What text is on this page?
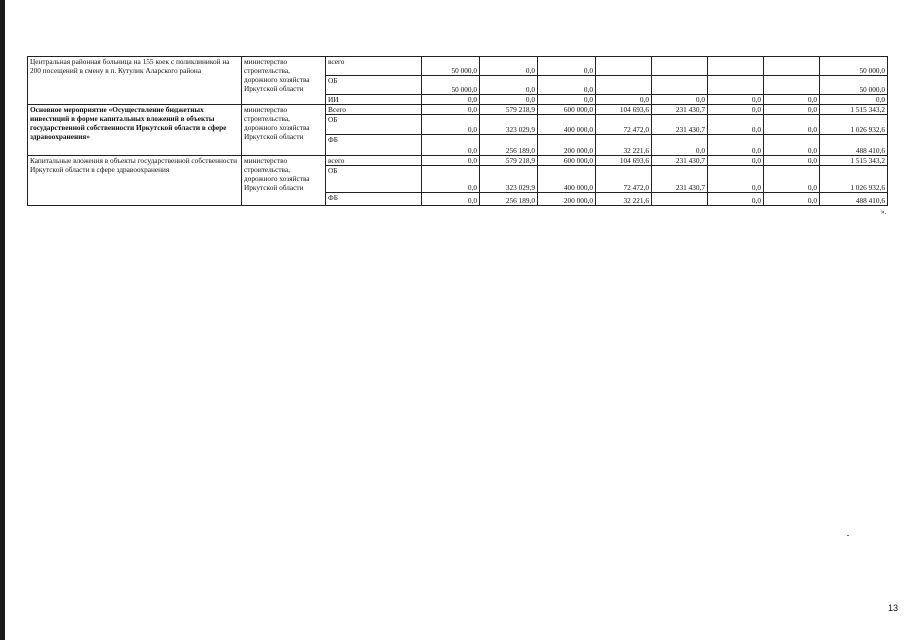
Центральная районная больница на 155 коек с поликлиникой на 200 посещений в смену в п. Кутулик Аларского района	министерство строительства, дорожного хозяйства Иркутской области	всего	50 000,0	0,0	0,0					50 000,0
		ОБ	50 000,0	0,0	0,0					50 000,0
		ИИ	0,0	0,0	0,0	0,0	0,0	0,0	0,0	0,0
Основное мероприятие «Осуществление бюджетных инвестиций в форме капитальных вложений в объекты государственной собственности Иркутской области в сфере здравоохранения»	министерство строительства, дорожного хозяйства Иркутской области	Всего	0,0	579 218,9	600 000,0	104 693,6	231 430,7	0,0	0,0	1 515 343,2
		ОБ	0,0	323 029,9	400 000,0	72 472,0	231 430,7	0,0	0,0	1 026 932,6
		ФБ	0,0	256 189,0	200 000,0	32 221,6	0,0	0,0	0,0	488 410,6
Капитальные вложения в объекты государственной собственности Иркутской области в сфере здравоохранения	министерство строительства, дорожного хозяйства Иркутской области	всего	0,0	579 218,9	600 000,0	104 693,6	231 430,7	0,0	0,0	1 515 343,2
		ОБ	0,0	323 029,9	400 000,0	72 472,0	231 430,7	0,0	0,0	1 026 932,6
		ФБ	0,0	256 189,0	200 000,0	32 221,6		0,0	0,0	488 410,6
».
13
